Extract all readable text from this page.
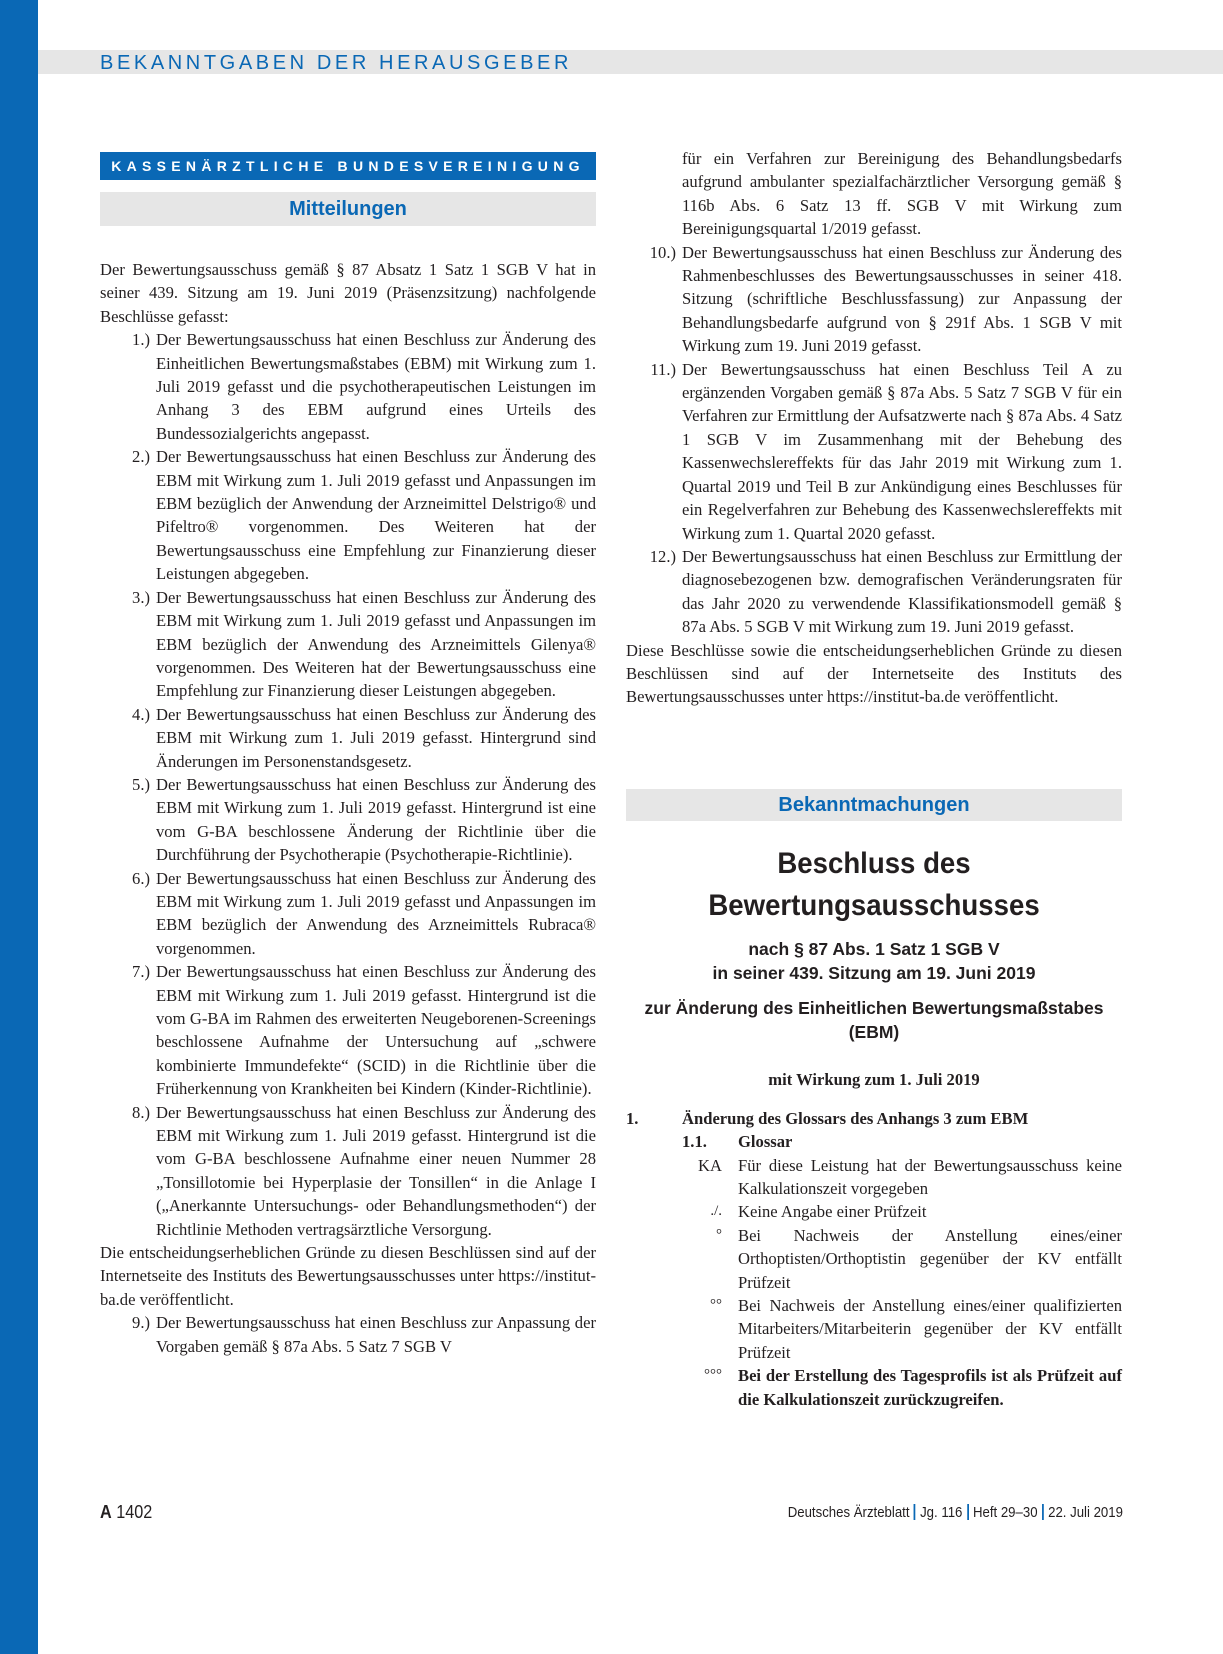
BEKANNTGABEN DER HERAUSGEBER
KASSENÄRZTLICHE BUNDESVEREINIGUNG
Mitteilungen

Der Bewertungsausschuss gemäß § 87 Absatz 1 Satz 1 SGB V hat in seiner 439. Sitzung am 19. Juni 2019 (Präsenzsitzung) nachfolgende Beschlüsse gefasst:

1.) Der Bewertungsausschuss hat einen Beschluss zur Änderung des Einheitlichen Bewertungsmaßstabes (EBM) mit Wirkung zum 1. Juli 2019 gefasst und die psychotherapeutischen Leistungen im Anhang 3 des EBM aufgrund eines Urteils des Bundessozialgerichts angepasst.
2.) Der Bewertungsausschuss hat einen Beschluss zur Änderung des EBM mit Wirkung zum 1. Juli 2019 gefasst und Anpassungen im EBM bezüglich der Anwendung der Arzneimittel Delstrigo® und Pifeltro® vorgenommen. Des Weiteren hat der Bewertungsausschuss eine Empfehlung zur Finanzierung dieser Leistungen abgegeben.
3.) Der Bewertungsausschuss hat einen Beschluss zur Änderung des EBM mit Wirkung zum 1. Juli 2019 gefasst und Anpassungen im EBM bezüglich der Anwendung des Arzneimittels Gilenya® vorgenommen. Des Weiteren hat der Bewertungsausschuss eine Empfehlung zur Finanzierung dieser Leistungen abgegeben.
4.) Der Bewertungsausschuss hat einen Beschluss zur Änderung des EBM mit Wirkung zum 1. Juli 2019 gefasst. Hintergrund sind Änderungen im Personenstandsgesetz.
5.) Der Bewertungsausschuss hat einen Beschluss zur Änderung des EBM mit Wirkung zum 1. Juli 2019 gefasst. Hintergrund ist eine vom G-BA beschlossene Änderung der Richtlinie über die Durchführung der Psychotherapie (Psychotherapie-Richtlinie).
6.) Der Bewertungsausschuss hat einen Beschluss zur Änderung des EBM mit Wirkung zum 1. Juli 2019 gefasst und Anpassungen im EBM bezüglich der Anwendung des Arzneimittels Rubraca® vorgenommen.
7.) Der Bewertungsausschuss hat einen Beschluss zur Änderung des EBM mit Wirkung zum 1. Juli 2019 gefasst. Hintergrund ist die vom G-BA im Rahmen des erweiterten Neugeborenen-Screenings beschlossene Aufnahme der Untersuchung auf „schwere kombinierte Immundefekte“ (SCID) in die Richtlinie über die Früherkennung von Krankheiten bei Kindern (Kinder-Richtlinie).
8.) Der Bewertungsausschuss hat einen Beschluss zur Änderung des EBM mit Wirkung zum 1. Juli 2019 gefasst. Hintergrund ist die vom G-BA beschlossene Aufnahme einer neuen Nummer 28 „Tonsillotomie bei Hyperplasie der Tonsillen“ in die Anlage I („Anerkannte Untersuchungs- oder Behandlungsmethoden“) der Richtlinie Methoden vertragsärztliche Versorgung.

Die entscheidungserheblichen Gründe zu diesen Beschlüssen sind auf der Internetseite des Instituts des Bewertungsausschusses unter https://institut-ba.de veröffentlicht.

9.) Der Bewertungsausschuss hat einen Beschluss zur Anpassung der Vorgaben gemäß § 87a Abs. 5 Satz 7 SGB V
für ein Verfahren zur Bereinigung des Behandlungsbedarfs aufgrund ambulanter spezialfachärztlicher Versorgung gemäß § 116b Abs. 6 Satz 13 ff. SGB V mit Wirkung zum Bereinigungsquartal 1/2019 gefasst.
10.) Der Bewertungsausschuss hat einen Beschluss zur Änderung des Rahmenbeschlusses des Bewertungsausschusses in seiner 418. Sitzung (schriftliche Beschlussfassung) zur Anpassung der Behandlungsbedarfe aufgrund von § 291f Abs. 1 SGB V mit Wirkung zum 19. Juni 2019 gefasst.
11.) Der Bewertungsausschuss hat einen Beschluss Teil A zu ergänzenden Vorgaben gemäß § 87a Abs. 5 Satz 7 SGB V für ein Verfahren zur Ermittlung der Aufsatzwerte nach § 87a Abs. 4 Satz 1 SGB V im Zusammenhang mit der Behebung des Kassenwechslereffekts für das Jahr 2019 mit Wirkung zum 1. Quartal 2019 und Teil B zur Ankündigung eines Beschlusses für ein Regelverfahren zur Behebung des Kassenwechslereffekts mit Wirkung zum 1. Quartal 2020 gefasst.
12.) Der Bewertungsausschuss hat einen Beschluss zur Ermittlung der diagnosebezogenen bzw. demografischen Veränderungsraten für das Jahr 2020 zu verwendende Klassifikationsmodell gemäß § 87a Abs. 5 SGB V mit Wirkung zum 19. Juni 2019 gefasst.

Diese Beschlüsse sowie die entscheidungserheblichen Gründe zu diesen Beschlüssen sind auf der Internetseite des Instituts des Bewertungsausschusses unter https://institut-ba.de veröffentlicht.

Bekanntmachungen
Beschluss des
Bewertungsausschusses
nach § 87 Abs. 1 Satz 1 SGB V
in seiner 439. Sitzung am 19. Juni 2019
zur Änderung des Einheitlichen Bewertungsmaßstabes (EBM)
mit Wirkung zum 1. Juli 2019
1.	Änderung des Glossars des Anhangs 3 zum EBM
1.1.	Glossar
KA Für diese Leistung hat der Bewertungsausschuss keine Kalkulationszeit vorgegeben
./. Keine Angabe einer Prüfzeit
° Bei Nachweis der Anstellung eines/einer Orthoptisten/Orthoptistin gegenüber der KV entfällt Prüfzeit
°° Bei Nachweis der Anstellung eines/einer qualifizierten Mitarbeiters/Mitarbeiterin gegenüber der KV entfällt Prüfzeit
°°° Bei der Erstellung des Tagesprofils ist als Prüfzeit auf die Kalkulationszeit zurückzugreifen.
A 1402	Deutsches Ärzteblatt Jg. 116 Heft 29–30 22. Juli 2019
